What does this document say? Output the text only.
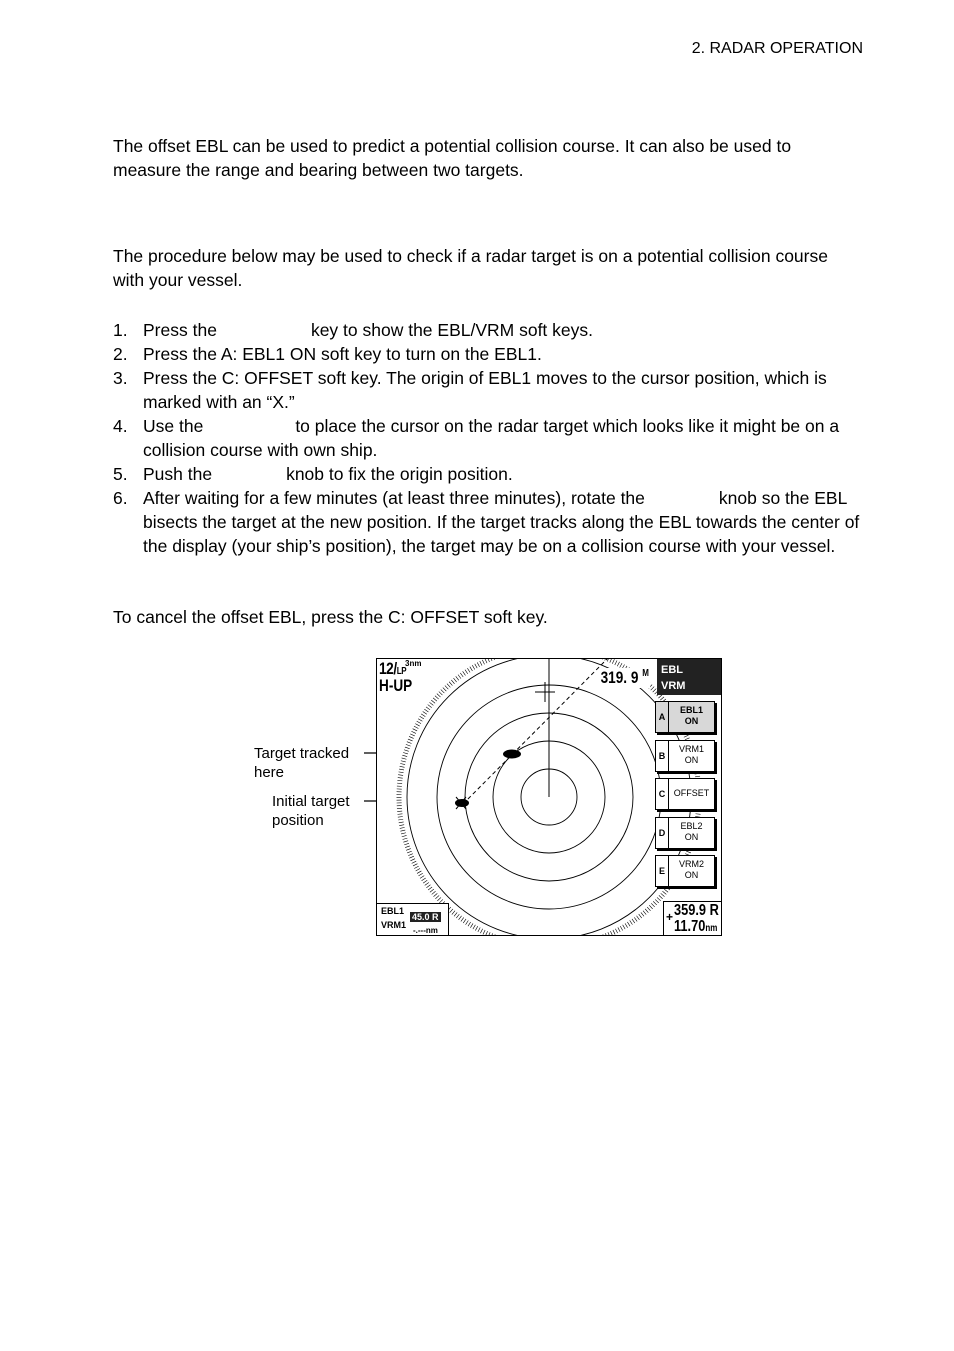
2. RADAR OPERATION
The offset EBL can be used to predict a potential collision course. It can also be used to measure the range and bearing between two targets.
The procedure below may be used to check if a radar target is on a potential collision course with your vessel.
1. Press the	key to show the EBL/VRM soft keys.
2. Press the A: EBL1 ON soft key to turn on the EBL1.
3. Press the C: OFFSET soft key. The origin of EBL1 moves to the cursor position, which is marked with an “X.”
4. Use the	to place the cursor on the radar target which looks like it might be on a collision course with own ship.
5. Push the	knob to fix the origin position.
6. After waiting for a few minutes (at least three minutes), rotate the	knob so the EBL bisects the target at the new position. If the target tracks along the EBL towards the center of the display (your ship’s position), the target may be on a collision course with your vessel.
To cancel the offset EBL, press the C: OFFSET soft key.
Target tracked
here
Initial target
position
12/LP
3nm
H-UP	319. 9 $^M$ EBL
VRM
A
EBL1
ON
B
VRM1
ON
C OFFSET
D
EBL2
ON
E
VRM2
ON
EBL1
VRM1
45.0 R
-.---nm
+ 359.9 R
11.70nm
